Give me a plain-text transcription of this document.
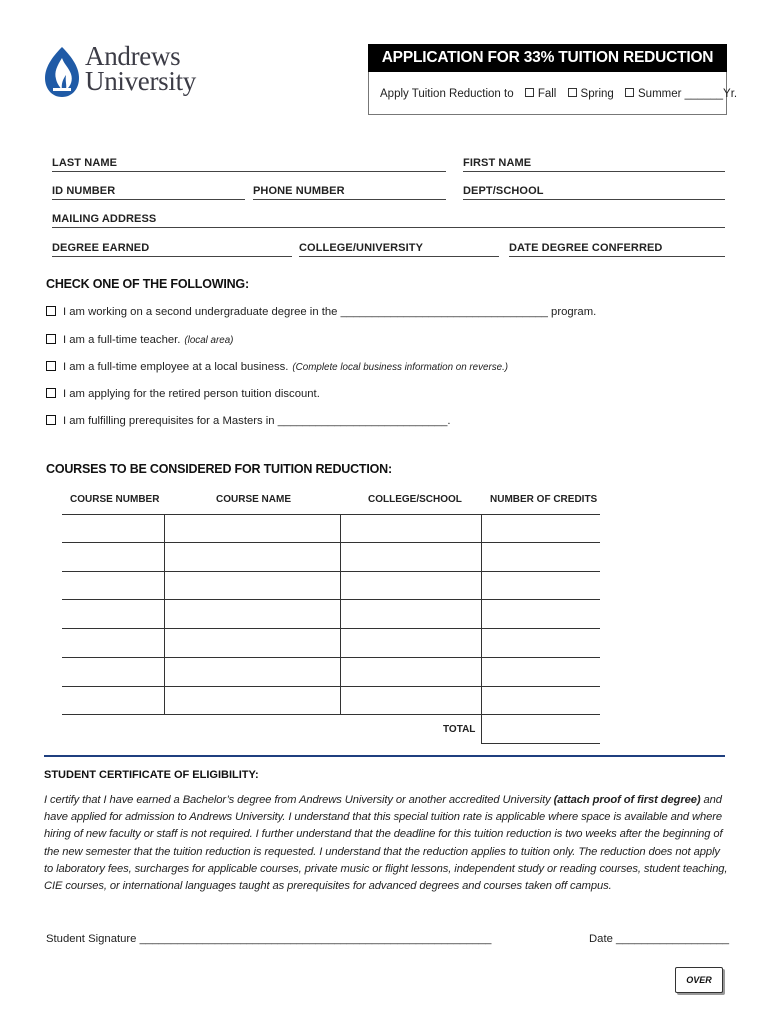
Andrews
University
APPLICATION FOR 33% TUITION REDUCTION
Apply Tuition Reduction to Fall Spring Summer ______Yr.
LAST NAME	FIRST NAME
ID NUMBER	PHONE NUMBER	DEPT/SCHOOL
MAILING ADDRESS
DEGREE EARNED	COLLEGE/UNIVERSITY	DATE DEGREE CONFERRED
CHECK ONE OF THE FOLLOWING:
I am working on a second undergraduate degree in the _________________________________ program.
I am a full-time teacher. (local area)
I am a full-time employee at a local business. (Complete local business information on reverse.)
I am applying for the retired person tuition discount.
I am fulfilling prerequisites for a Masters in ___________________________.
COURSES TO BE CONSIDERED FOR TUITION REDUCTION:
COURSE NUMBER	COURSE NAME	COLLEGE/SCHOOL	NUMBER OF CREDITS
TOTAL
STUDENT CERTIFICATE OF ELIGIBILITY:
I certify that I have earned a Bachelor’s degree from Andrews University or another accredited University (attach proof of first degree) and have applied for admission to Andrews University. I understand that this special tuition rate is applicable where space is available and where hiring of new faculty or staff is not required. I further understand that the deadline for this tuition reduction is two weeks after the beginning of the new semester that the tuition reduction is requested. I understand that the reduction applies to tuition only. The reduction does not apply to laboratory fees, surcharges for applicable courses, private music or flight lessons, independent study or reading courses, student teaching, CIE courses, or international languages taught as prerequisites for advanced degrees and courses taken off campus.
Student Signature ________________________________________________________	Date __________________
OVER
